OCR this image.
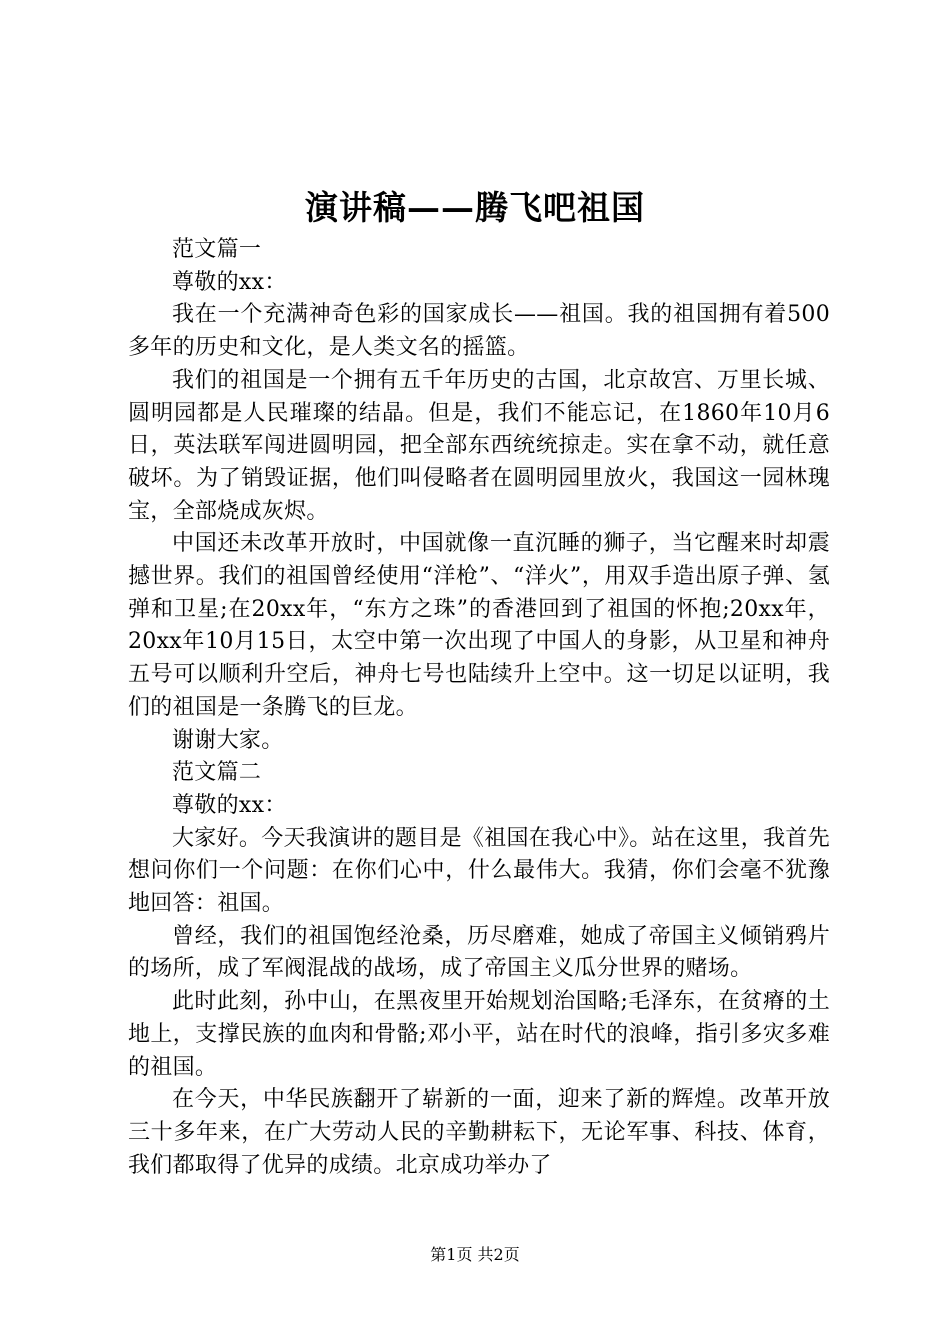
演讲稿——腾飞吧祖国

范文篇一

尊敬的xx：

我在一个充满神奇色彩的国家成长——祖国。我的祖国拥有着500多年的历史和文化，是人类文名的摇篮。

我们的祖国是一个拥有五千年历史的古国，北京故宫、万里长城、圆明园都是人民璀璨的结晶。但是，我们不能忘记，在1860年10月6日，英法联军闯进圆明园，把全部东西统统掠走。实在拿不动，就任意破坏。为了销毁证据，他们叫侵略者在圆明园里放火，我国这一园林瑰宝，全部烧成灰烬。

中国还未改革开放时，中国就像一直沉睡的狮子，当它醒来时却震撼世界。我们的祖国曾经使用“洋枪”、“洋火”，用双手造出原子弹、氢弹和卫星;在20xx年，“东方之珠”的香港回到了祖国的怀抱;20xx年，20xx年10月15日，太空中第一次出现了中国人的身影，从卫星和神舟五号可以顺利升空后，神舟七号也陆续升上空中。这一切足以证明，我们的祖国是一条腾飞的巨龙。

谢谢大家。

范文篇二

尊敬的xx：

大家好。今天我演讲的题目是《祖国在我心中》。站在这里，我首先想问你们一个问题：在你们心中，什么最伟大。我猜，你们会毫不犹豫地回答：祖国。

曾经，我们的祖国饱经沧桑，历尽磨难，她成了帝国主义倾销鸦片的场所，成了军阀混战的战场，成了帝国主义瓜分世界的赌场。

此时此刻，孙中山，在黑夜里开始规划治国略;毛泽东，在贫瘠的土地上，支撑民族的血肉和骨骼;邓小平，站在时代的浪峰，指引多灾多难的祖国。

在今天，中华民族翻开了崭新的一面，迎来了新的辉煌。改革开放三十多年来，在广大劳动人民的辛勤耕耘下，无论军事、科技、体育，我们都取得了优异的成绩。北京成功举办了

第1页 共2页
